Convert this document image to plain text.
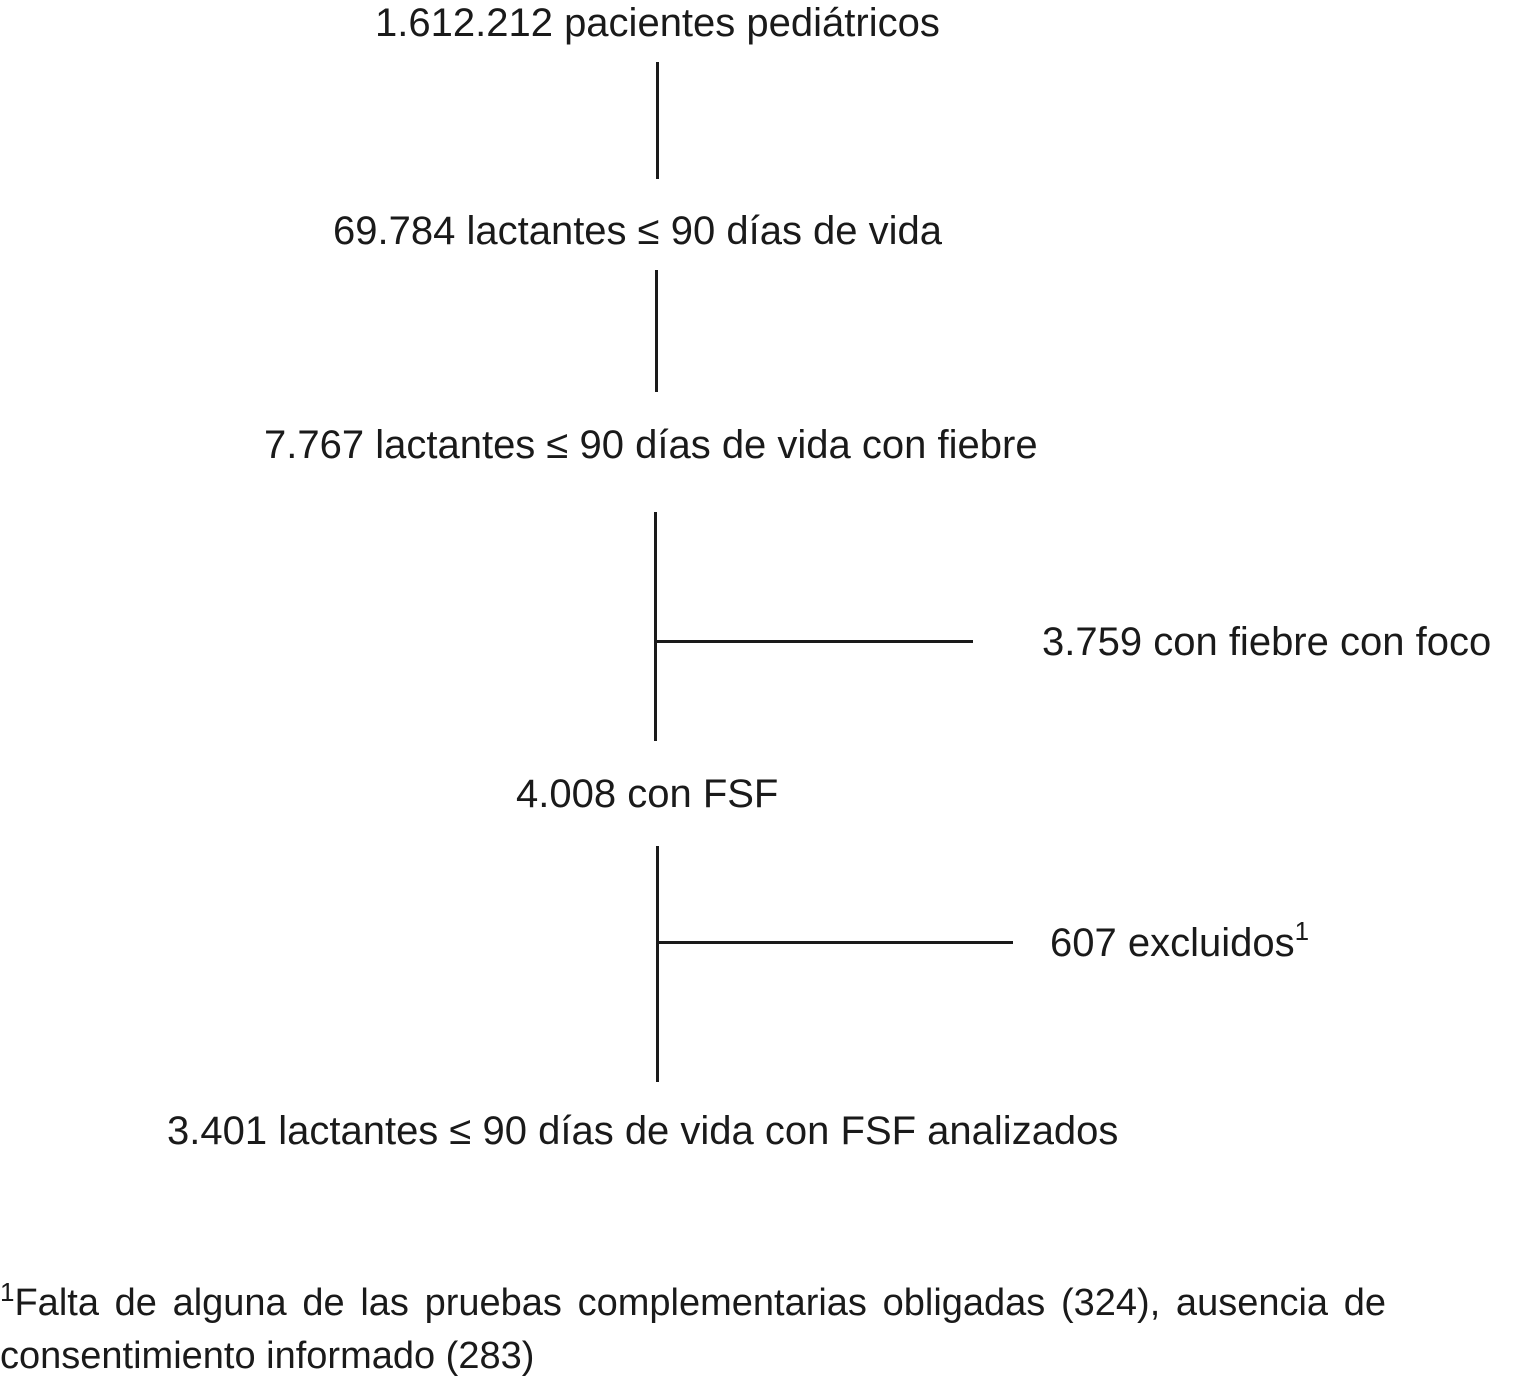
1.612.212 pacientes pediátricos
69.784 lactantes ≤ 90 días de vida
7.767 lactantes ≤ 90 días de vida con fiebre
3.759 con fiebre con foco
4.008 con FSF
607 excluidos$^1$
3.401 lactantes ≤ 90 días de vida con FSF analizados
$^1$Falta de alguna de las pruebas complementarias obligadas (324), ausencia de consentimiento informado (283)
